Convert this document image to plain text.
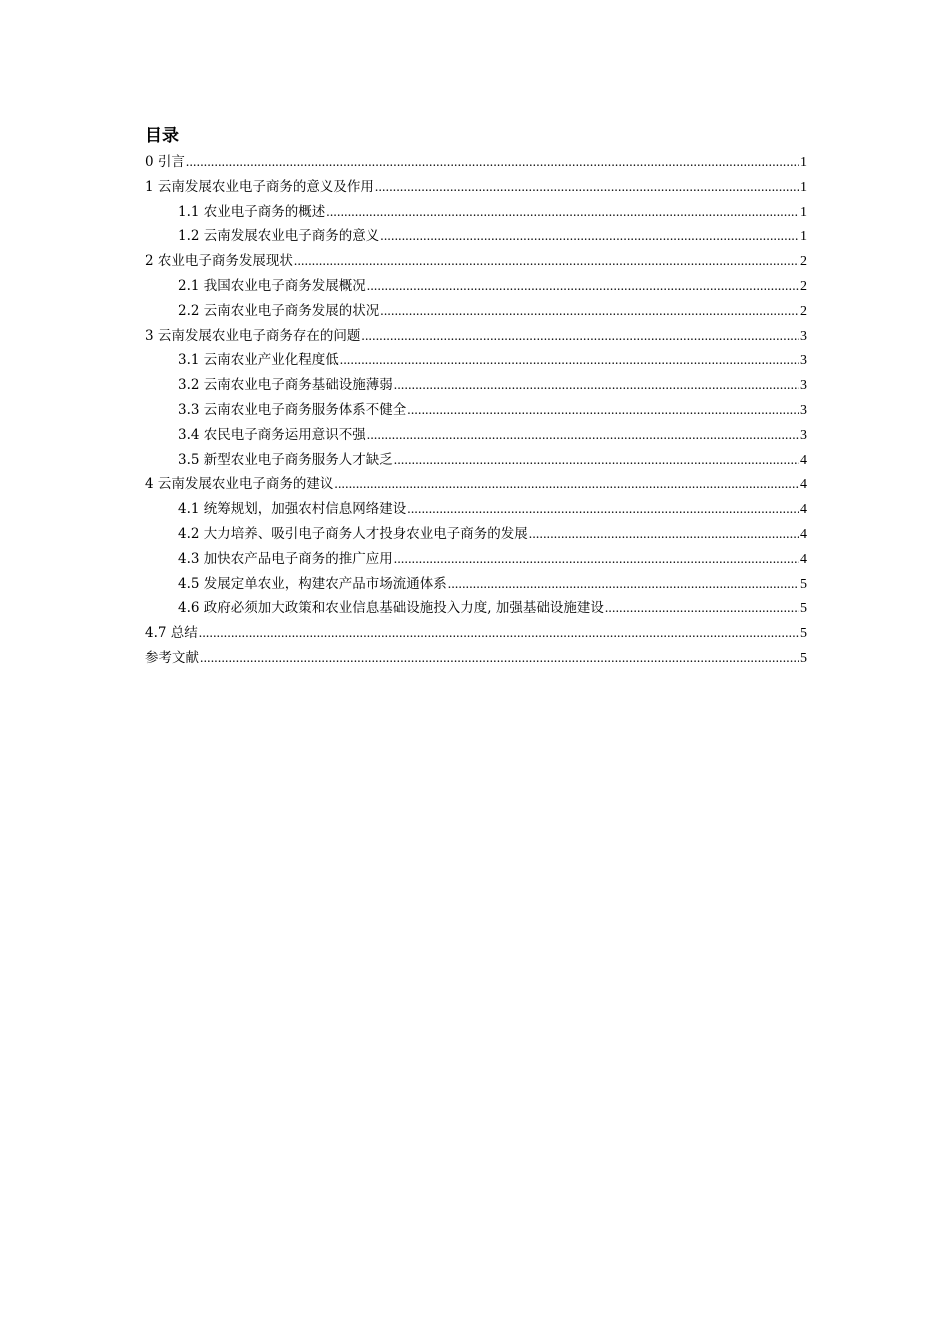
目录
0 引言 .....	1
1 云南发展农业电子商务的意义及作用 .....	1
1.1 农业电子商务的概述 .....	1
1.2 云南发展农业电子商务的意义 .....	1
2 农业电子商务发展现状 .....	2
2.1 我国农业电子商务发展概况 .....	2
2.2 云南农业电子商务发展的状况 .....	2
3 云南发展农业电子商务存在的问题 .....	3
3.1 云南农业产业化程度低 .....	3
3.2 云南农业电子商务基础设施薄弱 .....	3
3.3 云南农业电子商务服务体系不健全 .....	3
3.4 农民电子商务运用意识不强 .....	3
3.5 新型农业电子商务服务人才缺乏 .....	4
4 云南发展农业电子商务的建议 .....	4
4.1 统筹规划，加强农村信息网络建设 .....	4
4.2 大力培养、吸引电子商务人才投身农业电子商务的发展 .....	4
4.3 加快农产品电子商务的推广应用 .....	4
4.5 发展定单农业，构建农产品市场流通体系 .....	5
4.6 政府必须加大政策和农业信息基础设施投入力度, 加强基础设施建设 .....	5
4.7 总结 .....	5
参考文献 .....	5
